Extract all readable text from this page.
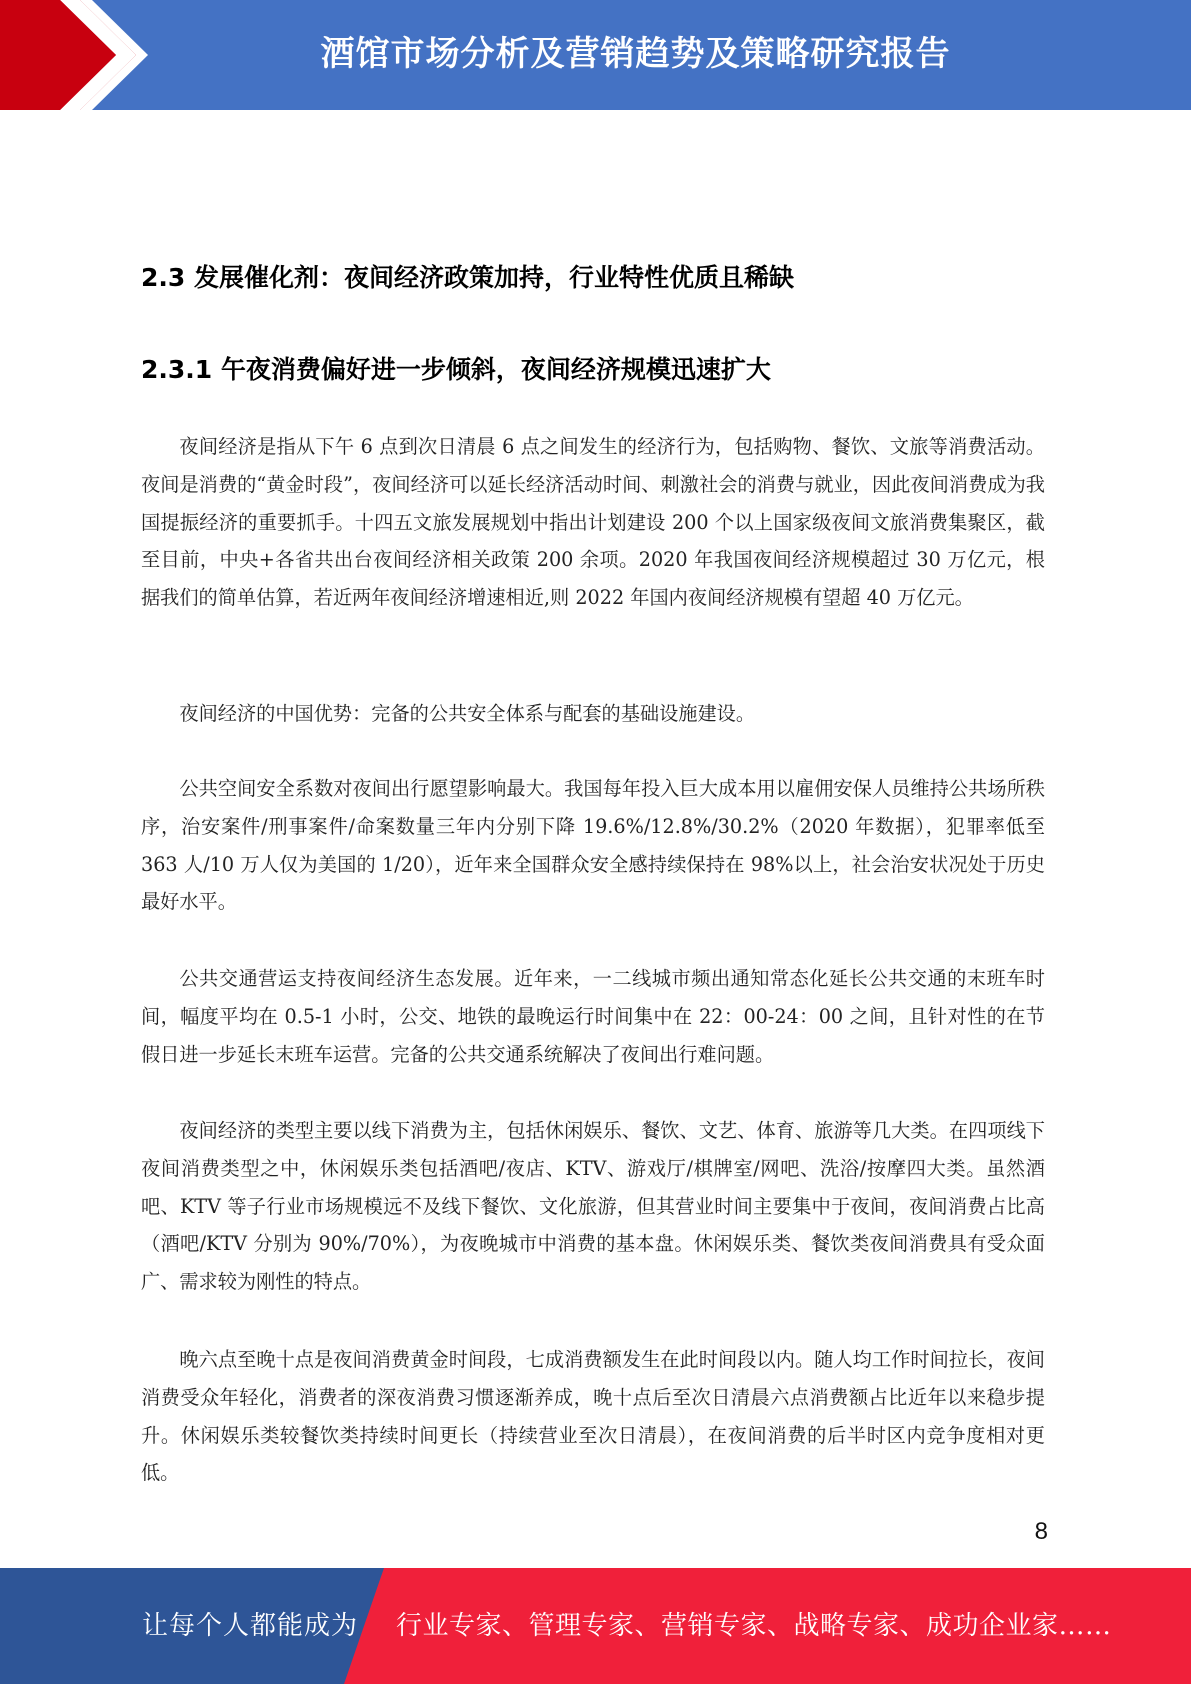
酒馆市场分析及营销趋势及策略研究报告
2.3 发展催化剂：夜间经济政策加持，行业特性优质且稀缺
2.3.1 午夜消费偏好进一步倾斜，夜间经济规模迅速扩大

夜间经济是指从下午 6 点到次日清晨 6 点之间发生的经济行为，包括购物、餐饮、文旅等消费活动。夜间是消费的“黄金时段”，夜间经济可以延长经济活动时间、刺激社会的消费与就业，因此夜间消费成为我国提振经济的重要抓手。十四五文旅发展规划中指出计划建设 200 个以上国家级夜间文旅消费集聚区，截至目前，中央+各省共出台夜间经济相关政策 200 余项。2020 年我国夜间经济规模超过 30 万亿元，根据我们的简单估算，若近两年夜间经济增速相近,则 2022 年国内夜间经济规模有望超 40 万亿元。

夜间经济的中国优势：完备的公共安全体系与配套的基础设施建设。

公共空间安全系数对夜间出行愿望影响最大。我国每年投入巨大成本用以雇佣安保人员维持公共场所秩序，治安案件/刑事案件/命案数量三年内分别下降 19.6%/12.8%/30.2%（2020 年数据），犯罪率低至 363 人/10 万人仅为美国的 1/20），近年来全国群众安全感持续保持在 98%以上，社会治安状况处于历史最好水平。

公共交通营运支持夜间经济生态发展。近年来，一二线城市频出通知常态化延长公共交通的末班车时间，幅度平均在 0.5-1 小时，公交、地铁的最晚运行时间集中在 22：00-24：00 之间，且针对性的在节假日进一步延长末班车运营。完备的公共交通系统解决了夜间出行难问题。

夜间经济的类型主要以线下消费为主，包括休闲娱乐、餐饮、文艺、体育、旅游等几大类。在四项线下夜间消费类型之中，休闲娱乐类包括酒吧/夜店、KTV、游戏厅/棋牌室/网吧、洗浴/按摩四大类。虽然酒吧、KTV 等子行业市场规模远不及线下餐饮、文化旅游，但其营业时间主要集中于夜间，夜间消费占比高（酒吧/KTV 分别为 90%/70%），为夜晚城市中消费的基本盘。休闲娱乐类、餐饮类夜间消费具有受众面广、需求较为刚性的特点。

晚六点至晚十点是夜间消费黄金时间段，七成消费额发生在此时间段以内。随人均工作时间拉长，夜间消费受众年轻化，消费者的深夜消费习惯逐渐养成，晚十点后至次日清晨六点消费额占比近年以来稳步提升。休闲娱乐类较餐饮类持续时间更长（持续营业至次日清晨），在夜间消费的后半时区内竞争度相对更低。

8
让每个人都能成为 行业专家、管理专家、营销专家、战略专家、成功企业家……
